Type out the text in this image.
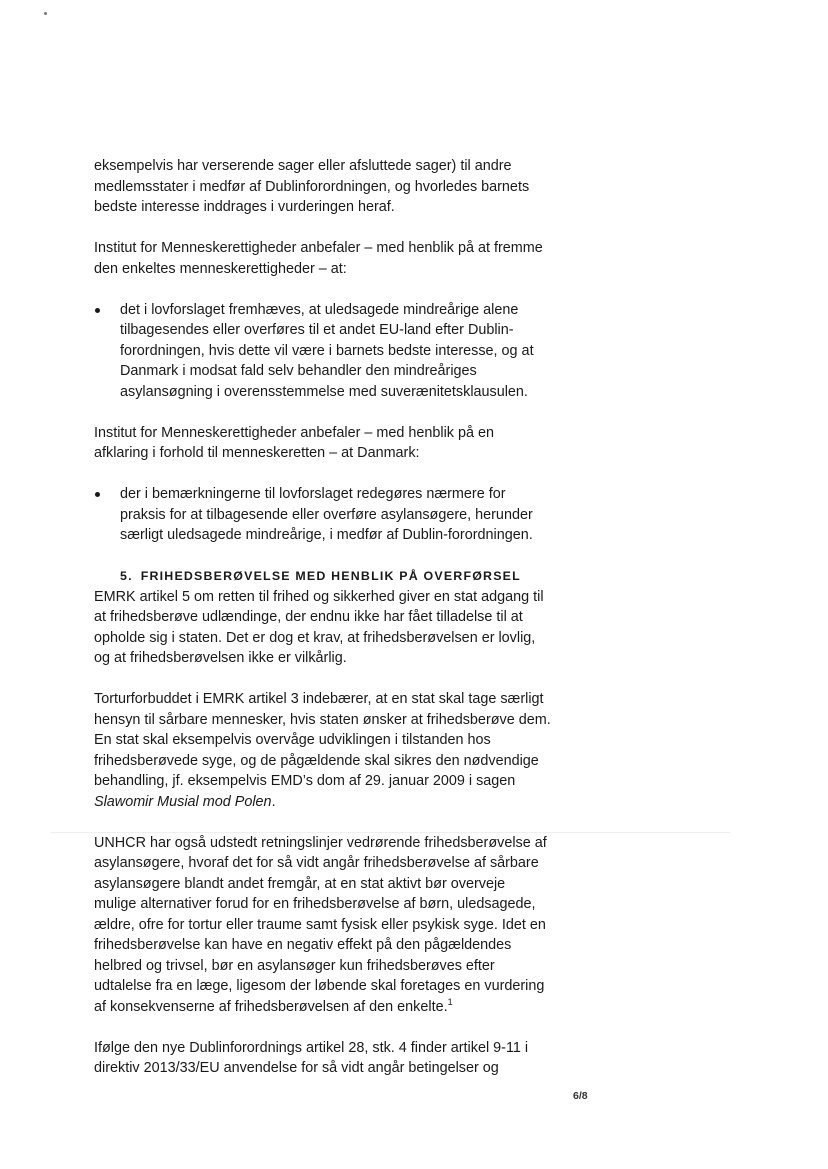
eksempelvis har verserende sager eller afsluttede sager) til andre
medlemsstater i medfør af Dublinforordningen, og hvorledes barnets
bedste interesse inddrages i vurderingen heraf.
Institut for Menneskerettigheder anbefaler – med henblik på at fremme
den enkeltes menneskerettigheder – at:
det i lovforslaget fremhæves, at uledsagede mindreårige alene
tilbagesendes eller overføres til et andet EU-land efter Dublin-
forordningen, hvis dette vil være i barnets bedste interesse, og at
Danmark i modsat fald selv behandler den mindreåriges
asylansøgning i overensstemmelse med suverænitetsklausulen.
Institut for Menneskerettigheder anbefaler – med henblik på en
afklaring i forhold til menneskeretten – at Danmark:
der i bemærkningerne til lovforslaget redegøres nærmere for
praksis for at tilbagesende eller overføre asylansøgere, herunder
særligt uledsagede mindreårige, i medfør af Dublin-forordningen.
5. FRIHEDSBERØVELSE MED HENBLIK PÅ OVERFØRSEL
EMRK artikel 5 om retten til frihed og sikkerhed giver en stat adgang til
at frihedsberøve udlændinge, der endnu ikke har fået tilladelse til at
opholde sig i staten. Det er dog et krav, at frihedsberøvelsen er lovlig,
og at frihedsberøvelsen ikke er vilkårlig.
Torturforbuddet i EMRK artikel 3 indebærer, at en stat skal tage særligt
hensyn til sårbare mennesker, hvis staten ønsker at frihedsberøve dem.
En stat skal eksempelvis overvåge udviklingen i tilstanden hos
frihedsberøvede syge, og de pågældende skal sikres den nødvendige
behandling, jf. eksempelvis EMD’s dom af 29. januar 2009 i sagen
Slawomir Musial mod Polen.
UNHCR har også udstedt retningslinjer vedrørende frihedsberøvelse af
asylansøgere, hvoraf det for så vidt angår frihedsberøvelse af sårbare
asylansøgere blandt andet fremgår, at en stat aktivt bør overveje
mulige alternativer forud for en frihedsberøvelse af børn, uledsagede,
ældre, ofre for tortur eller traume samt fysisk eller psykisk syge. Idet en
frihedsberøvelse kan have en negativ effekt på den pågældendes
helbred og trivsel, bør en asylansøger kun frihedsberøves efter
udtalelse fra en læge, ligesom der løbende skal foretages en vurdering
af konsekvenserne af frihedsberøvelsen af den enkelte.$^1$
Ifølge den nye Dublinforordnings artikel 28, stk. 4 finder artikel 9-11 i
direktiv 2013/33/EU anvendelse for så vidt angår betingelser og
6/8
